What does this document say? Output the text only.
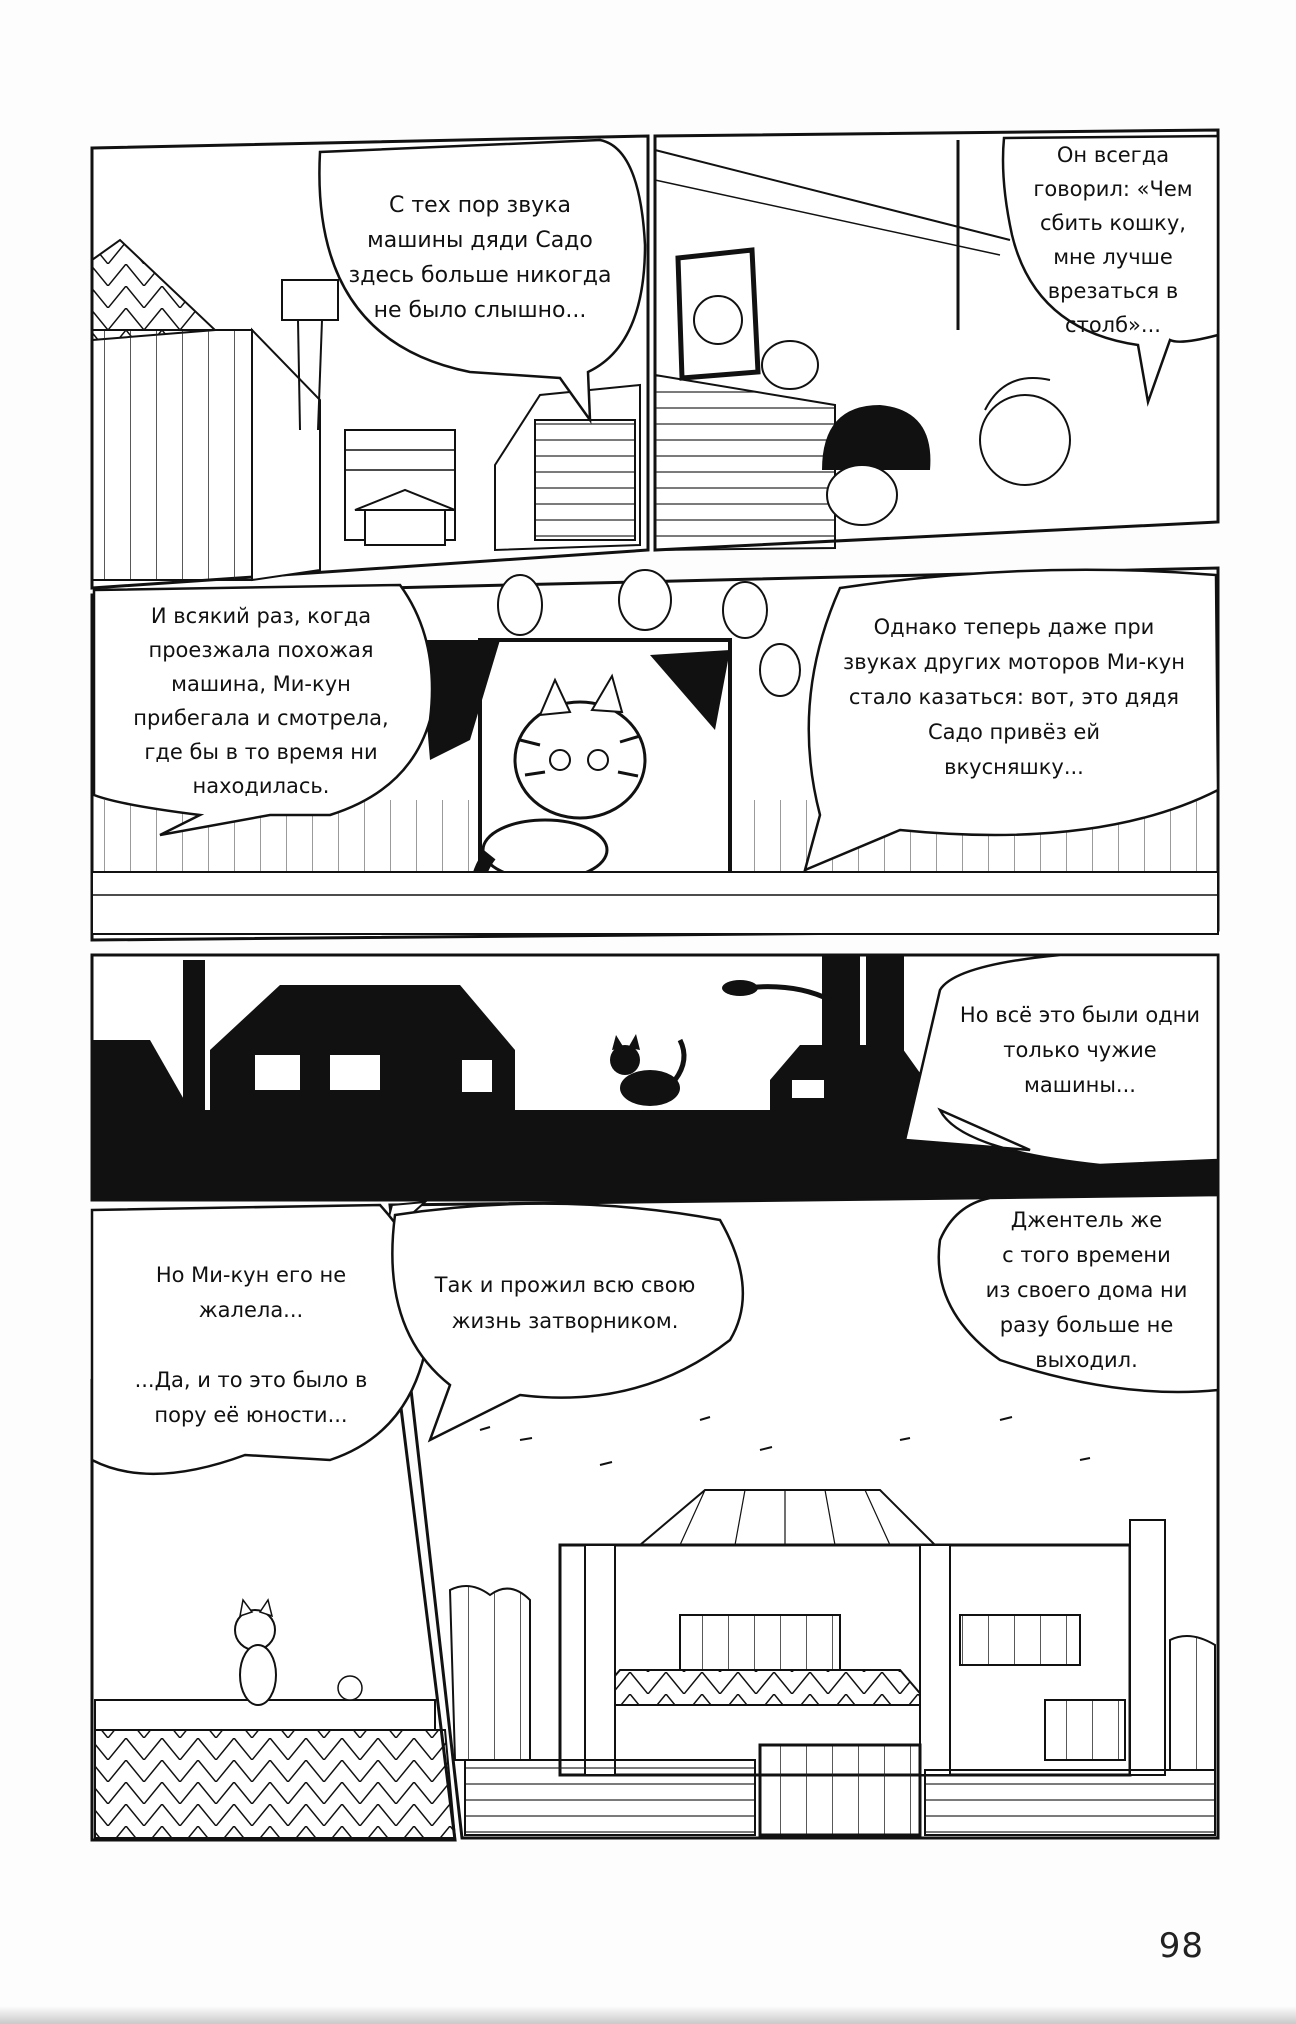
С тех пор звука
машины дяди Садо
здесь больше никогда
не было слышно...
Он всегда
говорил: «Чем
сбить кошку,
мне лучше
врезаться в
столб»...
И всякий раз, когда
проезжала похожая
машина, Ми-кун
прибегала и смотрела,
где бы в то время ни
находилась.
Однако теперь даже при
звуках других моторов Ми-кун
стало казаться: вот, это дядя
Садо привёз ей
вкусняшку...
Но всё это были одни
только чужие
машины...
Но Ми-кун его не
жалела...

...Да, и то это было в
пору её юности...
Так и прожил всю свою
жизнь затворником.
Джентель же
с того времени
из своего дома ни
разу больше не
выходил.
98
